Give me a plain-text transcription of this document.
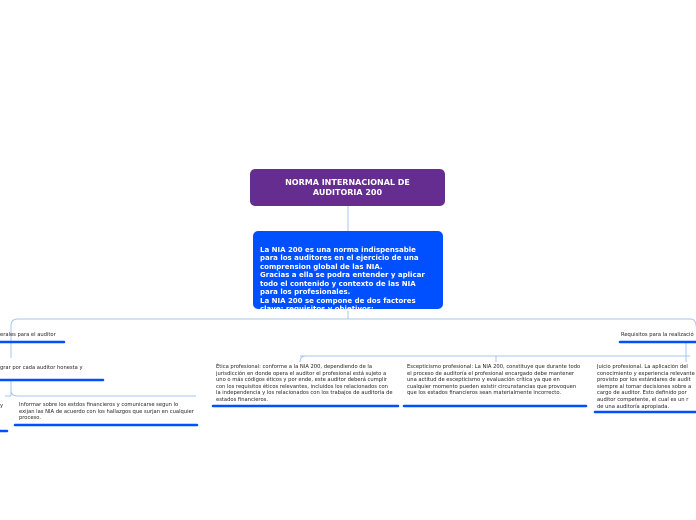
NORMA INTERNACIONAL DE AUDITORIA 200

La NIA 200 es una norma indispensable para los auditores en el ejercicio de una comprension global de las NIA.
Gracias a ella se podra entender y aplicar todo el contenido y contexto de las NIA para los profesionales.
La NIA 200 se compone de dos factores clave: requisitos y objetivos:

erales para el auditor	Requisitos para la realizació
grar por cada auditor honesta y
y	Informar sobre los estdos financieros y comunicarse segun lo exijan las NIA de acuerdo con los hallazgos que surjan en cualquier proceso.
Ética profesional: conforme a la NIA 200, dependiendo de la jurisdicción en donde opera el auditor el profesional está sujeto a uno o más códigos éticos y por ende, este auditor deberá cumplir con los requisitos éticos relevantes, incluidos los relacionados con la independencia y los relacionados con los trabajos de auditoría de estados financieros.
Escepticismo profesional: La NIA 200, constituye que durante todo el proceso de auditoría el profesional encargado debe mantener una actitud de escepticismo y evaluación crítica ya que en cualquier momento pueden existir circunstancias que provoquen que los estados financieros sean materialmente incorrecto.
Juicio profesional. La aplicación del conocimiento y experiencia relevante provisto por los estándares de audit siempre al tomar decisiones sobre a cargo de auditor. Esto definido por auditor competente, el cual es un r de una auditoría apropiada.
